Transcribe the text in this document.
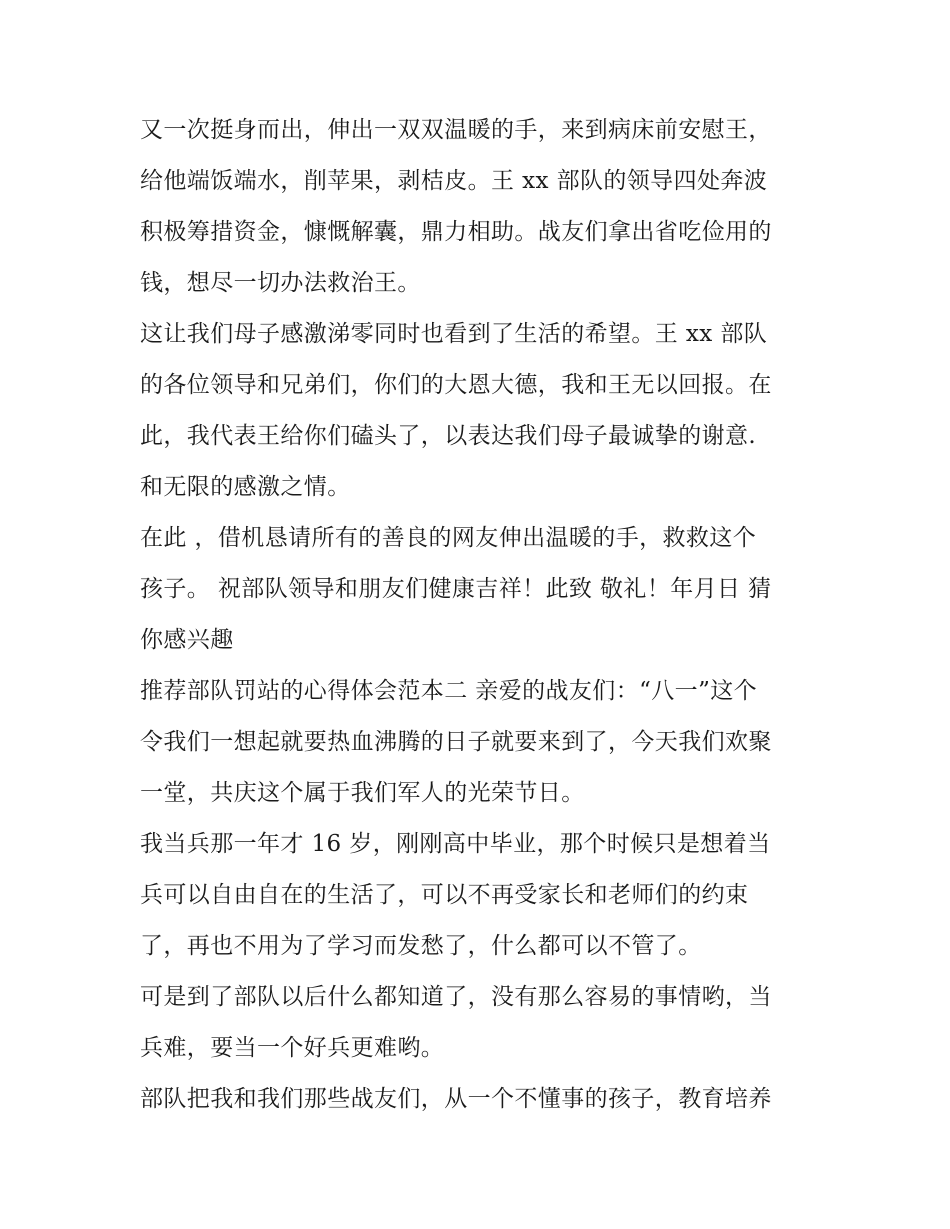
又一次挺身而出，伸出一双双温暖的手，来到病床前安慰王，
给他端饭端水，削苹果，剥桔皮。王 xx 部队的领导四处奔波
积极筹措资金，慷慨解囊，鼎力相助。战友们拿出省吃俭用的
钱，想尽一切办法救治王。
这让我们母子感激涕零同时也看到了生活的希望。王 xx 部队
的各位领导和兄弟们，你们的大恩大德，我和王无以回报。在
此，我代表王给你们磕头了，以表达我们母子最诚挚的谢意.
和无限的感激之情。
在此 ，借机恳请所有的善良的网友伸出温暖的手，救救这个
孩子。 祝部队领导和朋友们健康吉祥！此致 敬礼！年月日 猜
你感兴趣
推荐部队罚站的心得体会范本二 亲爱的战友们：“八一”这个
令我们一想起就要热血沸腾的日子就要来到了，今天我们欢聚
一堂，共庆这个属于我们军人的光荣节日。
我当兵那一年才 16 岁，刚刚高中毕业，那个时候只是想着当
兵可以自由自在的生活了，可以不再受家长和老师们的约束
了，再也不用为了学习而发愁了，什么都可以不管了。
可是到了部队以后什么都知道了，没有那么容易的事情哟，当
兵难，要当一个好兵更难哟。
部队把我和我们那些战友们，从一个不懂事的孩子，教育培养
